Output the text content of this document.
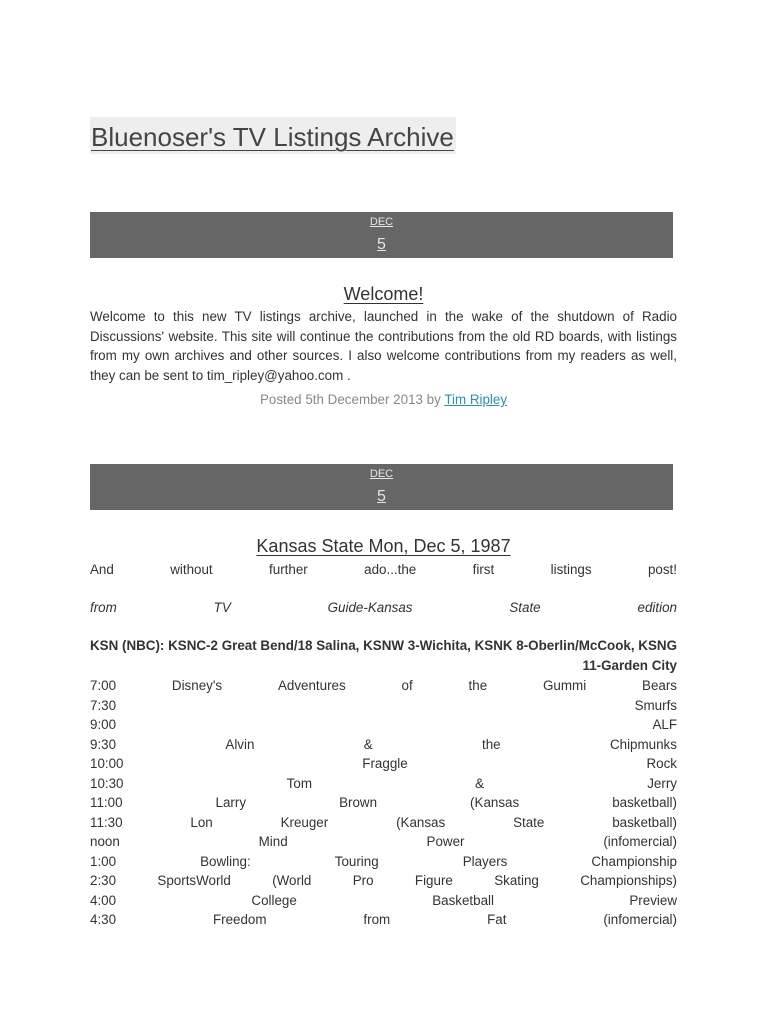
Bluenoser's TV Listings Archive
DEC
5
Welcome!
Welcome to this new TV listings archive, launched in the wake of the shutdown of Radio Discussions' website. This site will continue the contributions from the old RD boards, with listings from my own archives and other sources. I also welcome contributions from my readers as well, they can be sent to tim_ripley@yahoo.com .
Posted 5th December 2013 by Tim Ripley
DEC
5
Kansas State Mon, Dec 5, 1987
And	without	further	ado...the	first	listings	post!
from	TV	Guide-Kansas	State	edition
KSN (NBC): KSNC-2 Great Bend/18 Salina, KSNW 3-Wichita, KSNK 8-Oberlin/McCook, KSNG 11-Garden City
7:00	Disney's	Adventures	of	the	Gummi	Bears
7:30	Smurfs
9:00	ALF
9:30	Alvin	&	the	Chipmunks
10:00	Fraggle	Rock
10:30	Tom	&	Jerry
11:00	Larry	Brown	(Kansas	basketball)
11:30	Lon	Kreuger	(Kansas	State	basketball)
noon	Mind	Power	(infomercial)
1:00	Bowling:	Touring	Players	Championship
2:30	SportsWorld	(World	Pro	Figure	Skating	Championships)
4:00	College	Basketball	Preview
4:30	Freedom	from	Fat	(infomercial)
